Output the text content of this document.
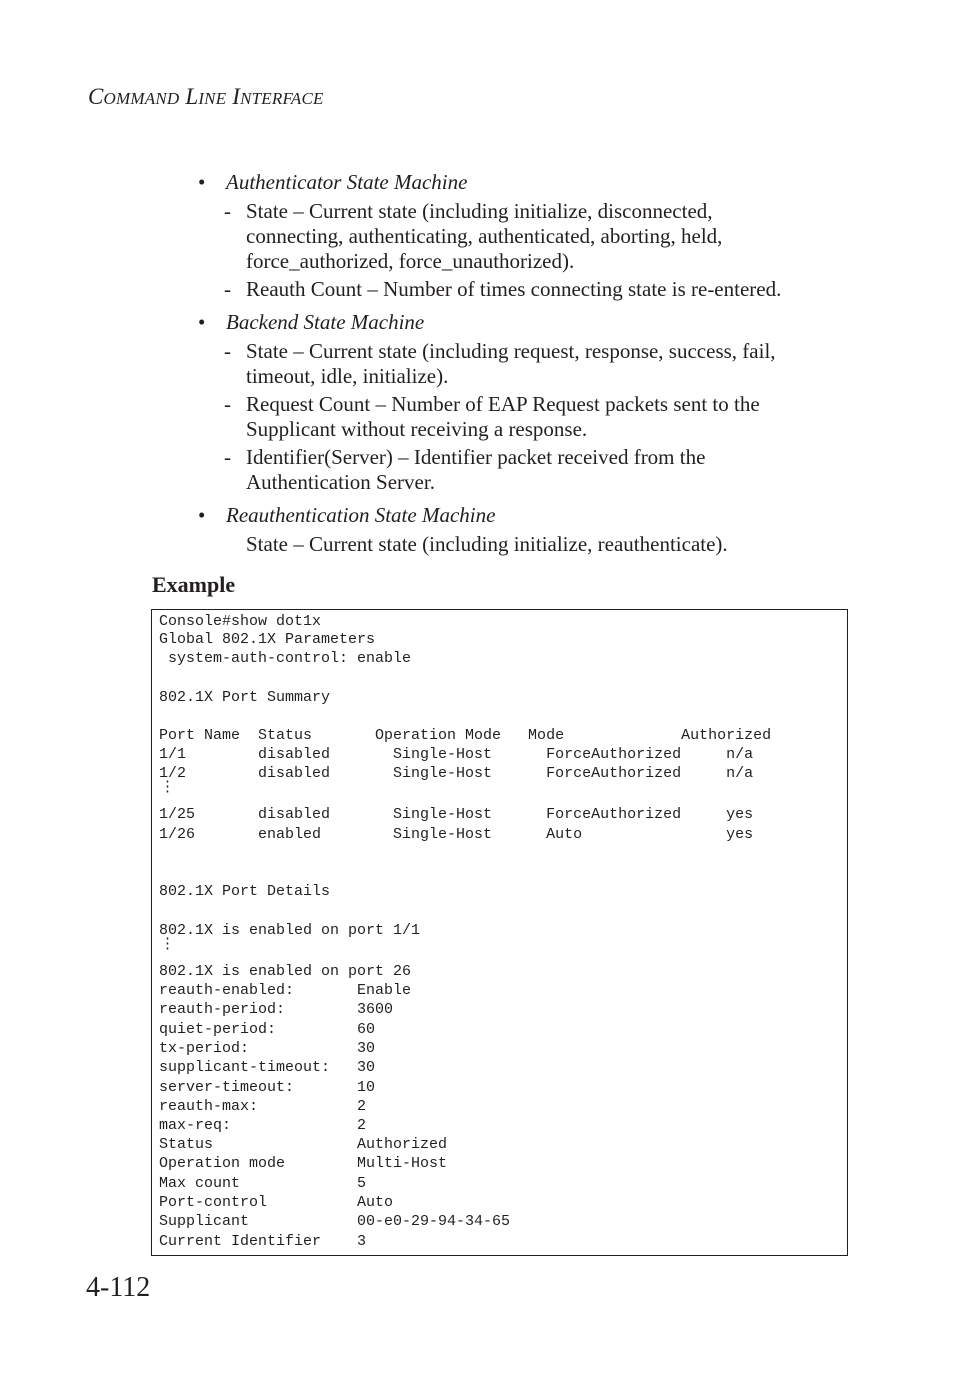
COMMAND LINE INTERFACE
• Authenticator State Machine
- State – Current state (including initialize, disconnected,
connecting, authenticating, authenticated, aborting, held,
force_authorized, force_unauthorized).
- Reauth Count – Number of times connecting state is re-entered.
• Backend State Machine
- State – Current state (including request, response, success, fail,
timeout, idle, initialize).
- Request Count – Number of EAP Request packets sent to the
Supplicant without receiving a response.
- Identifier(Server) – Identifier packet received from the
Authentication Server.
• Reauthentication State Machine
State – Current state (including initialize, reauthenticate).
Example
Console#show dot1x
Global 802.1X Parameters
system-auth-control: enable
802.1X Port Summary
Port Name  Status       Operation Mode   Mode             Authorized
1/1        disabled       Single-Host      ForceAuthorized     n/a
1/2        disabled       Single-Host      ForceAuthorized     n/a
⋮
1/25       disabled       Single-Host      ForceAuthorized     yes
1/26       enabled        Single-Host      Auto                yes
802.1X Port Details
802.1X is enabled on port 1/1
⋮
802.1X is enabled on port 26
reauth-enabled:       Enable
reauth-period:        3600
quiet-period:         60
tx-period:            30
supplicant-timeout:   30
server-timeout:       10
reauth-max:           2
max-req:              2
Status                Authorized
Operation mode        Multi-Host
Max count             5
Port-control          Auto
Supplicant            00-e0-29-94-34-65
Current Identifier    3
4-112
